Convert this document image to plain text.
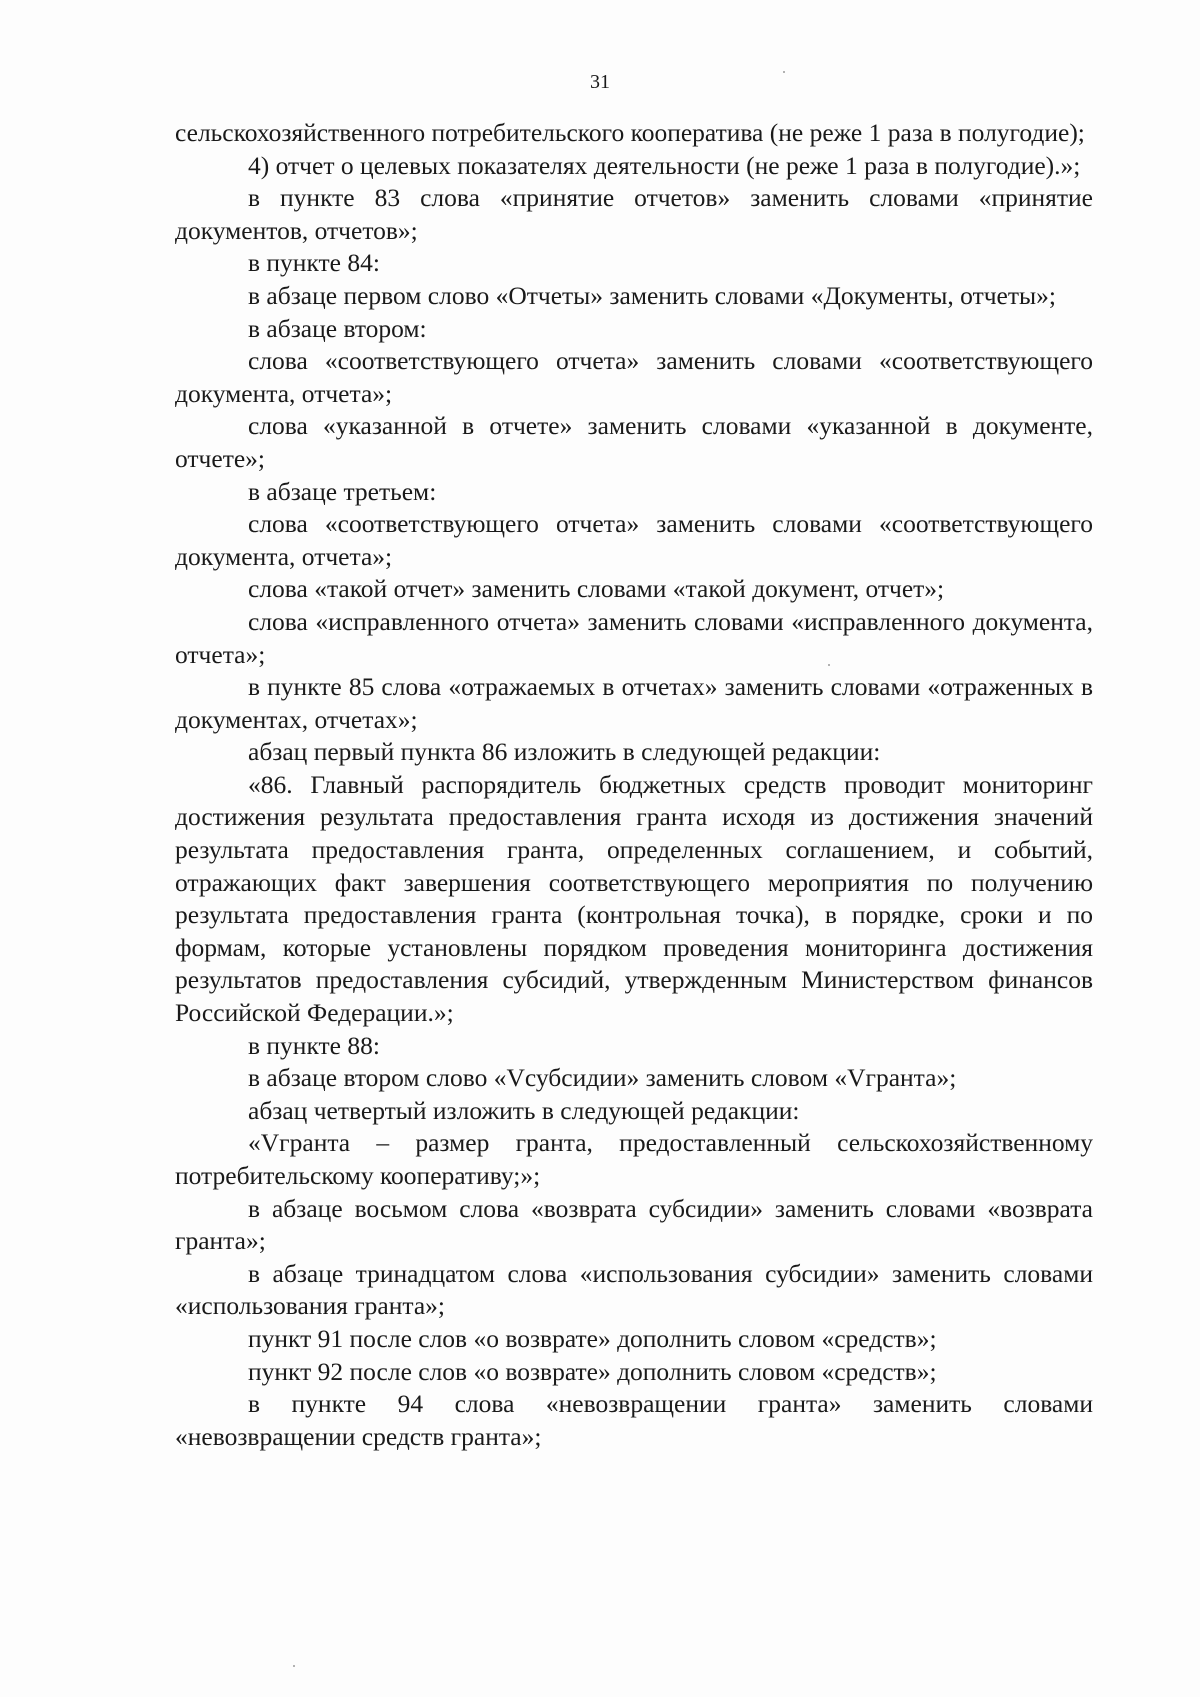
31

сельскохозяйственного потребительского кооператива (не реже 1 раза в полугодие);

4) отчет о целевых показателях деятельности (не реже 1 раза в полугодие).»;

в пункте 83 слова «принятие отчетов» заменить словами «принятие документов, отчетов»;

в пункте 84:

в абзаце первом слово «Отчеты» заменить словами «Документы, отчеты»;

в абзаце втором:

слова «соответствующего отчета» заменить словами «соответствующего документа, отчета»;

слова «указанной в отчете» заменить словами «указанной в документе, отчете»;

в абзаце третьем:

слова «соответствующего отчета» заменить словами «соответствующего документа, отчета»;

слова «такой отчет» заменить словами «такой документ, отчет»;

слова «исправленного отчета» заменить словами «исправленного документа, отчета»;

в пункте 85 слова «отражаемых в отчетах» заменить словами «отраженных в документах, отчетах»;

абзац первый пункта 86 изложить в следующей редакции:

«86. Главный распорядитель бюджетных средств проводит мониторинг достижения результата предоставления гранта исходя из достижения значений результата предоставления гранта, определенных соглашением, и событий, отражающих факт завершения соответствующего мероприятия по получению результата предоставления гранта (контрольная точка), в порядке, сроки и по формам, которые установлены порядком проведения мониторинга достижения результатов предоставления субсидий, утвержденным Министерством финансов Российской Федерации.»;

в пункте 88:

в абзаце втором слово «Vсубсидии» заменить словом «Vгранта»;

абзац четвертый изложить в следующей редакции:

«Vгранта – размер гранта, предоставленный сельскохозяйственному потребительскому кооперативу;»;

в абзаце восьмом слова «возврата субсидии» заменить словами «возврата гранта»;

в абзаце тринадцатом слова «использования субсидии» заменить словами «использования гранта»;

пункт 91 после слов «о возврате» дополнить словом «средств»;

пункт 92 после слов «о возврате» дополнить словом «средств»;

в пункте 94 слова «невозвращении гранта» заменить словами «невозвращении средств гранта»;
